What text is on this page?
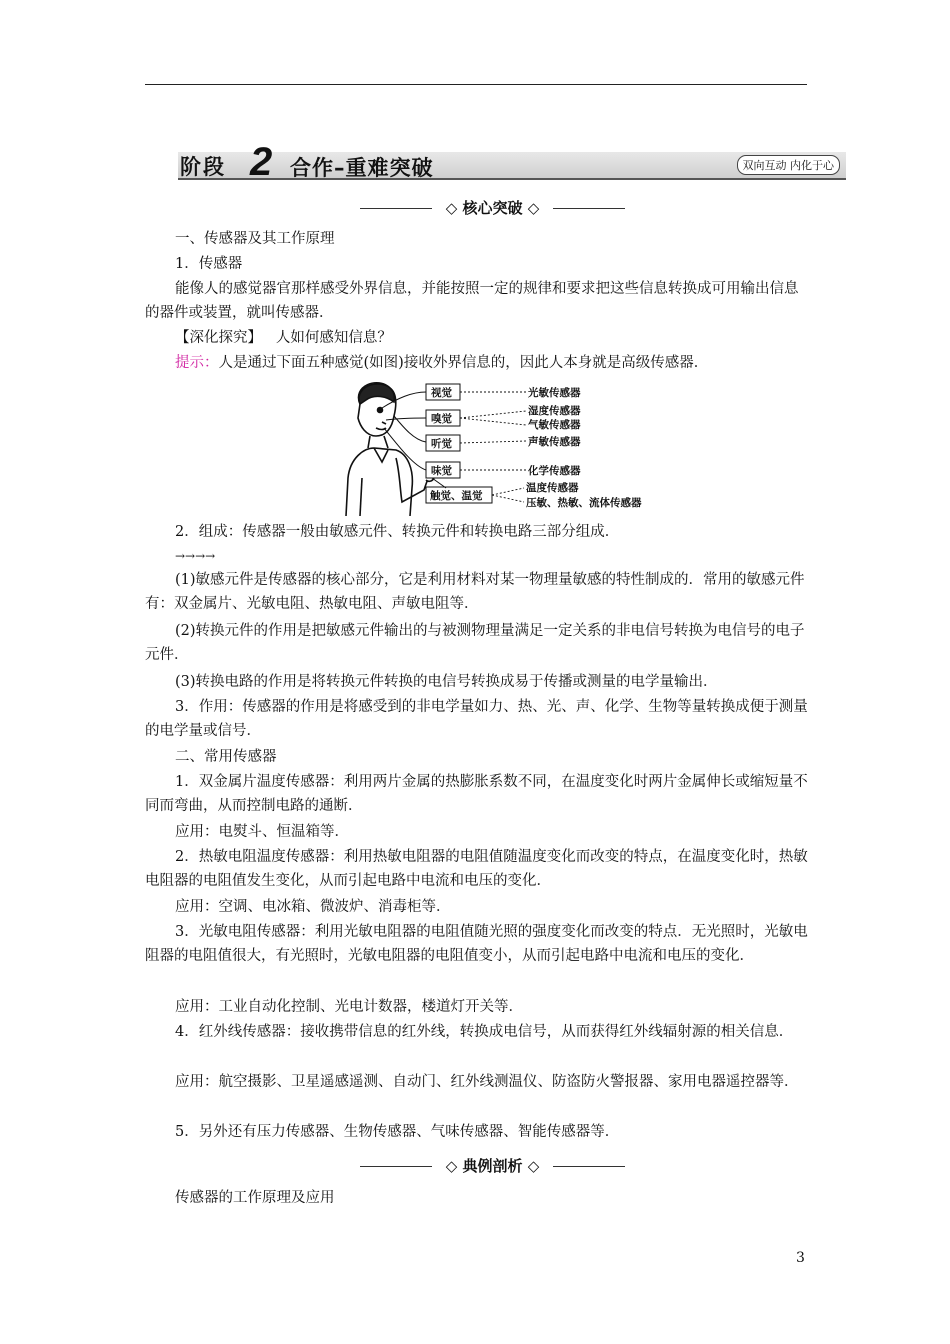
阶段 2 合作–重难突破	双向互动 内化于心
◇ 核心突破 ◇

一、传感器及其工作原理

1．传感器

能像人的感觉器官那样感受外界信息，并能按照一定的规律和要求把这些信息转换成可用输出信息的器件或装置，就叫传感器．

【深化探究】 人如何感知信息？

提示：人是通过下面五种感觉(如图)接收外界信息的，因此人本身就是高级传感器．

视觉
嗅觉
听觉
味觉
触觉、温觉
光敏传感器
湿度传感器
气敏传感器
声敏传感器
化学传感器
温度传感器
压敏、热敏、流体传感器

2．组成：传感器一般由敏感元件、转换元件和转换电路三部分组成．

→→→→

(1)敏感元件是传感器的核心部分，它是利用材料对某一物理量敏感的特性制成的．常用的敏感元件有：双金属片、光敏电阻、热敏电阻、声敏电阻等．

(2)转换元件的作用是把敏感元件输出的与被测物理量满足一定关系的非电信号转换为电信号的电子元件．

(3)转换电路的作用是将转换元件转换的电信号转换成易于传播或测量的电学量输出．

3．作用：传感器的作用是将感受到的非电学量如力、热、光、声、化学、生物等量转换成便于测量的电学量或信号．

二、常用传感器

1．双金属片温度传感器：利用两片金属的热膨胀系数不同，在温度变化时两片金属伸长或缩短量不同而弯曲，从而控制电路的通断．

应用：电熨斗、恒温箱等．

2．热敏电阻温度传感器：利用热敏电阻器的电阻值随温度变化而改变的特点，在温度变化时，热敏电阻器的电阻值发生变化，从而引起电路中电流和电压的变化．

应用：空调、电冰箱、微波炉、消毒柜等．

3．光敏电阻传感器：利用光敏电阻器的电阻值随光照的强度变化而改变的特点．无光照时，光敏电阻器的电阻值很大，有光照时，光敏电阻器的电阻值变小，从而引起电路中电流和电压的变化．

应用：工业自动化控制、光电计数器，楼道灯开关等．

4．红外线传感器：接收携带信息的红外线，转换成电信号，从而获得红外线辐射源的相关信息．

应用：航空摄影、卫星遥感遥测、自动门、红外线测温仪、防盗防火警报器、家用电器遥控器等．

5．另外还有压力传感器、生物传感器、气味传感器、智能传感器等．

◇ 典例剖析 ◇

传感器的工作原理及应用

3
